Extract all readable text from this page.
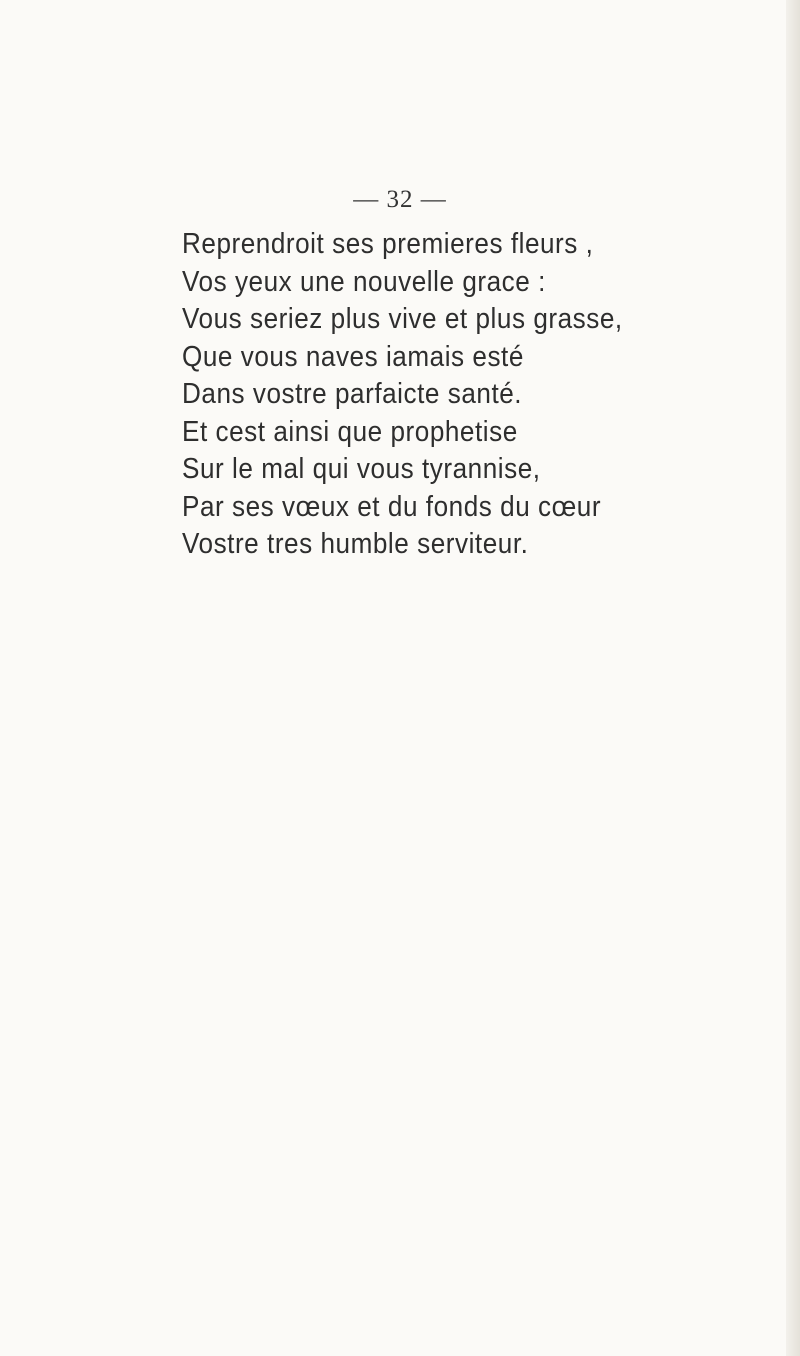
— 32 —
Reprendroit ses premieres fleurs ,
Vos yeux une nouvelle grace :
Vous seriez plus vive et plus grasse,
Que vous naves iamais esté
Dans vostre parfaicte santé.
Et cest ainsi que prophetise
Sur le mal qui vous tyrannise,
Par ses vœux et du fonds du cœur
Vostre tres humble serviteur.
